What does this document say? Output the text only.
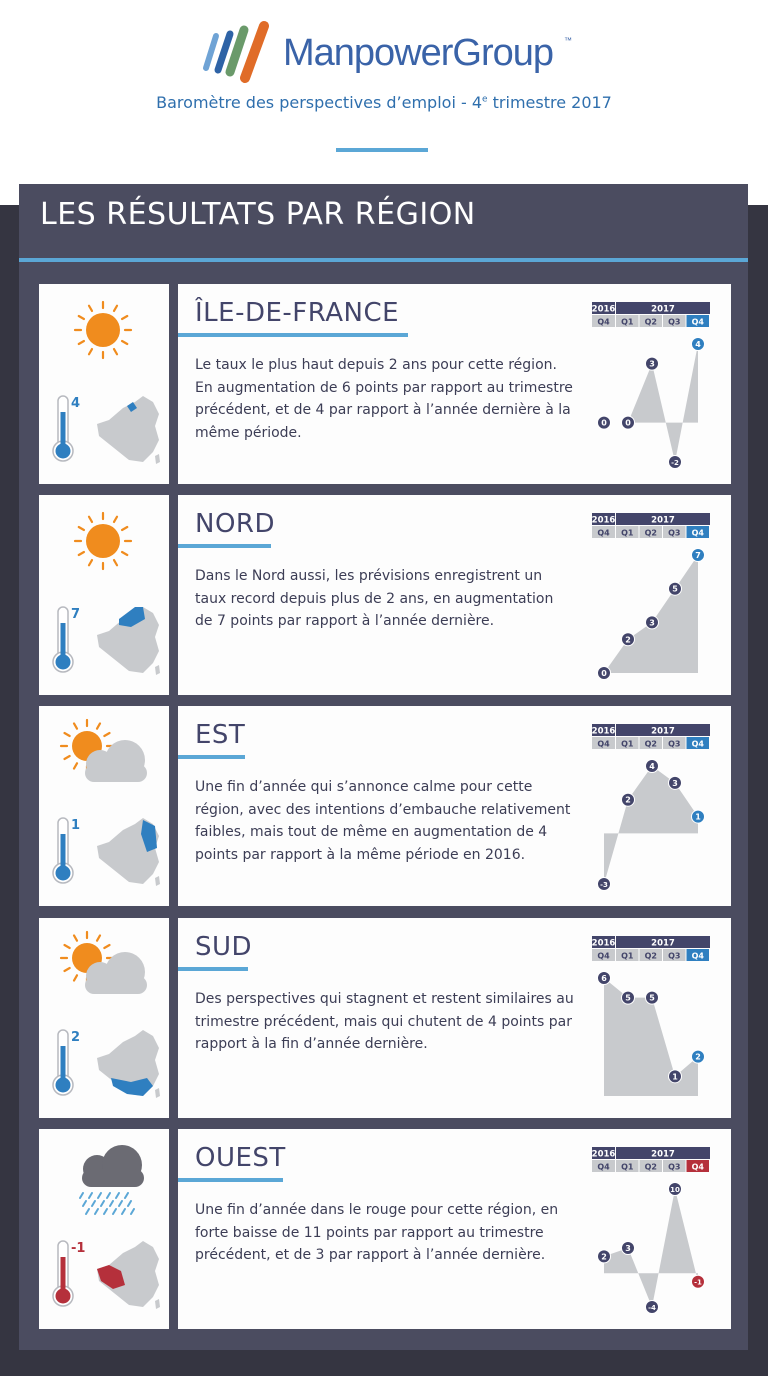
ManpowerGroup ™
Baromètre des perspectives d’emploi - 4e trimestre 2017
LES RÉSULTATS PAR RÉGION
4
ÎLE-DE-FRANCE
Le taux le plus haut depuis 2 ans pour cette région. En augmentation de 6 points par rapport au trimestre précédent, et de 4 par rapport à l’année dernière à la même période.
2016	2017
Q4 Q1 Q2 Q3 Q4
0 0
3
-2
4
7
NORD
Dans le Nord aussi, les prévisions enregistrent un taux record depuis plus de 2 ans, en augmentation de 7 points par rapport à l’année dernière.
2016	2017
Q4 Q1 Q2 Q3 Q4
0
2
3
5
7
1
EST
Une fin d’année qui s’annonce calme pour cette région, avec des intentions d’embauche relativement faibles, mais tout de même en augmentation de 4 points par rapport à la même période en 2016.
2016	2017
Q4 Q1 Q2 Q3 Q4
-3
2
4
3
1
2
SUD
Des perspectives qui stagnent et restent similaires au trimestre précédent, mais qui chutent de 4 points par rapport à la fin d’année dernière.
2016	2017
Q4 Q1 Q2 Q3 Q4
6
5 5
1
2
-1
OUEST
Une fin d’année dans le rouge pour cette région, en forte baisse de 11 points par rapport au trimestre précédent, et de 3 par rapport à l’année dernière.
2016	2017
Q4 Q1 Q2 Q3 Q4
2
3
-4
10
-1
